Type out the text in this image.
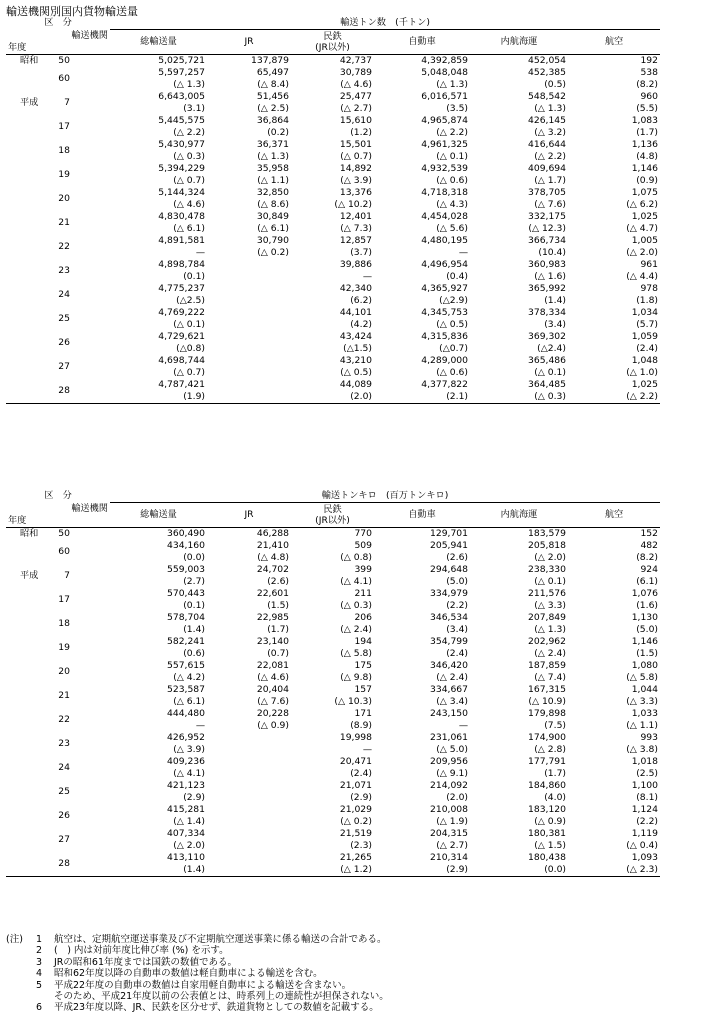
輸送機関別国内貨物輸送量
区　分	輸送トン数　(千トン)					
輸送機関	総輸送量	JR	民鉄
(JR以外)	自動車	内航海運	航空
年度						
昭和 50	5,025,721	137,879	42,737	4,392,859	452,054	192
60	5,597,257	65,497	30,789	5,048,048	452,385	538
	(△ 1.3)	(△ 8.4)	(△ 4.6)	(△ 1.3)	(0.5)	(8.2)
平成 7	6,643,005	51,456	25,477	6,016,571	548,542	960
	(3.1)	(△ 2.5)	(△ 2.7)	(3.5)	(△ 1.3)	(5.5)
17	5,445,575	36,864	15,610	4,965,874	426,145	1,083
	(△ 2.2)	(0.2)	(1.2)	(△ 2.2)	(△ 3.2)	(1.7)
18	5,430,977	36,371	15,501	4,961,325	416,644	1,136
	(△ 0.3)	(△ 1.3)	(△ 0.7)	(△ 0.1)	(△ 2.2)	(4.8)
19	5,394,229	35,958	14,892	4,932,539	409,694	1,146
	(△ 0.7)	(△ 1.1)	(△ 3.9)	(△ 0.6)	(△ 1.7)	(0.9)
20	5,144,324	32,850	13,376	4,718,318	378,705	1,075
	(△ 4.6)	(△ 8.6)	(△ 10.2)	(△ 4.3)	(△ 7.6)	(△ 6.2)
21	4,830,478	30,849	12,401	4,454,028	332,175	1,025
	(△ 6.1)	(△ 6.1)	(△ 7.3)	(△ 5.6)	(△ 12.3)	(△ 4.7)
22	4,891,581	30,790	12,857	4,480,195	366,734	1,005
	—	(△ 0.2)	(3.7)	—	(10.4)	(△ 2.0)
23	4,898,784		39,886	4,496,954	360,983	961
	(0.1)		—	(0.4)	(△ 1.6)	(△ 4.4)
24	4,775,237		42,340	4,365,927	365,992	978
	(△2.5)		(6.2)	(△2.9)	(1.4)	(1.8)
25	4,769,222		44,101	4,345,753	378,334	1,034
	(△ 0.1)		(4.2)	(△ 0.5)	(3.4)	(5.7)
26	4,729,621		43,424	4,315,836	369,302	1,059
	(△0.8)		(△1.5)	(△0.7)	(△2.4)	(2.4)
27	4,698,744		43,210	4,289,000	365,486	1,048
	(△ 0.7)		(△ 0.5)	(△ 0.6)	(△ 0.1)	(△ 1.0)
28	4,787,421		44,089	4,377,822	364,485	1,025
	(1.9)		(2.0)	(2.1)	(△ 0.3)	(△ 2.2)
区　分	輸送トンキロ　(百万トンキロ)					
輸送機関	総輸送量	JR	民鉄
(JR以外)	自動車	内航海運	航空
年度						
昭和 50	360,490	46,288	770	129,701	183,579	152
60	434,160	21,410	509	205,941	205,818	482
	(0.0)	(△ 4.8)	(△ 0.8)	(2.6)	(△ 2.0)	(8.2)
平成 7	559,003	24,702	399	294,648	238,330	924
	(2.7)	(2.6)	(△ 4.1)	(5.0)	(△ 0.1)	(6.1)
17	570,443	22,601	211	334,979	211,576	1,076
	(0.1)	(1.5)	(△ 0.3)	(2.2)	(△ 3.3)	(1.6)
18	578,704	22,985	206	346,534	207,849	1,130
	(1.4)	(1.7)	(△ 2.4)	(3.4)	(△ 1.3)	(5.0)
19	582,241	23,140	194	354,799	202,962	1,146
	(0.6)	(0.7)	(△ 5.8)	(2.4)	(△ 2.4)	(1.5)
20	557,615	22,081	175	346,420	187,859	1,080
	(△ 4.2)	(△ 4.6)	(△ 9.8)	(△ 2.4)	(△ 7.4)	(△ 5.8)
21	523,587	20,404	157	334,667	167,315	1,044
	(△ 6.1)	(△ 7.6)	(△ 10.3)	(△ 3.4)	(△ 10.9)	(△ 3.3)
22	444,480	20,228	171	243,150	179,898	1,033
	—	(△ 0.9)	(8.9)	—	(7.5)	(△ 1.1)
23	426,952		19,998	231,061	174,900	993
	(△ 3.9)		—	(△ 5.0)	(△ 2.8)	(△ 3.8)
24	409,236		20,471	209,956	177,791	1,018
	(△ 4.1)		(2.4)	(△ 9.1)	(1.7)	(2.5)
25	421,123		21,071	214,092	184,860	1,100
	(2.9)		(2.9)	(2.0)	(4.0)	(8.1)
26	415,281		21,029	210,008	183,120	1,124
	(△ 1.4)		(△ 0.2)	(△ 1.9)	(△ 0.9)	(2.2)
27	407,334		21,519	204,315	180,381	1,119
	(△ 2.0)		(2.3)	(△ 2.7)	(△ 1.5)	(△ 0.4)
28	413,110		21,265	210,314	180,438	1,093
	(1.4)		(△ 1.2)	(2.9)	(0.0)	(△ 2.3)
(注)	1	航空は、定期航空運送事業及び不定期航空運送事業に係る輸送の合計である。
2	(　) 内は対前年度比伸び率 (%) を示す。
3	JRの昭和61年度までは国鉄の数値である。
4	昭和62年度以降の自動車の数値は軽自動車による輸送を含む。
5	平成22年度の自動車の数値は自家用軽自動車による輸送を含まない。
そのため、平成21年度以前の公表値とは、時系列上の連続性が担保されない。
6	平成23年度以降、JR、民鉄を区分せず、鉄道貨物としての数値を記載する。
